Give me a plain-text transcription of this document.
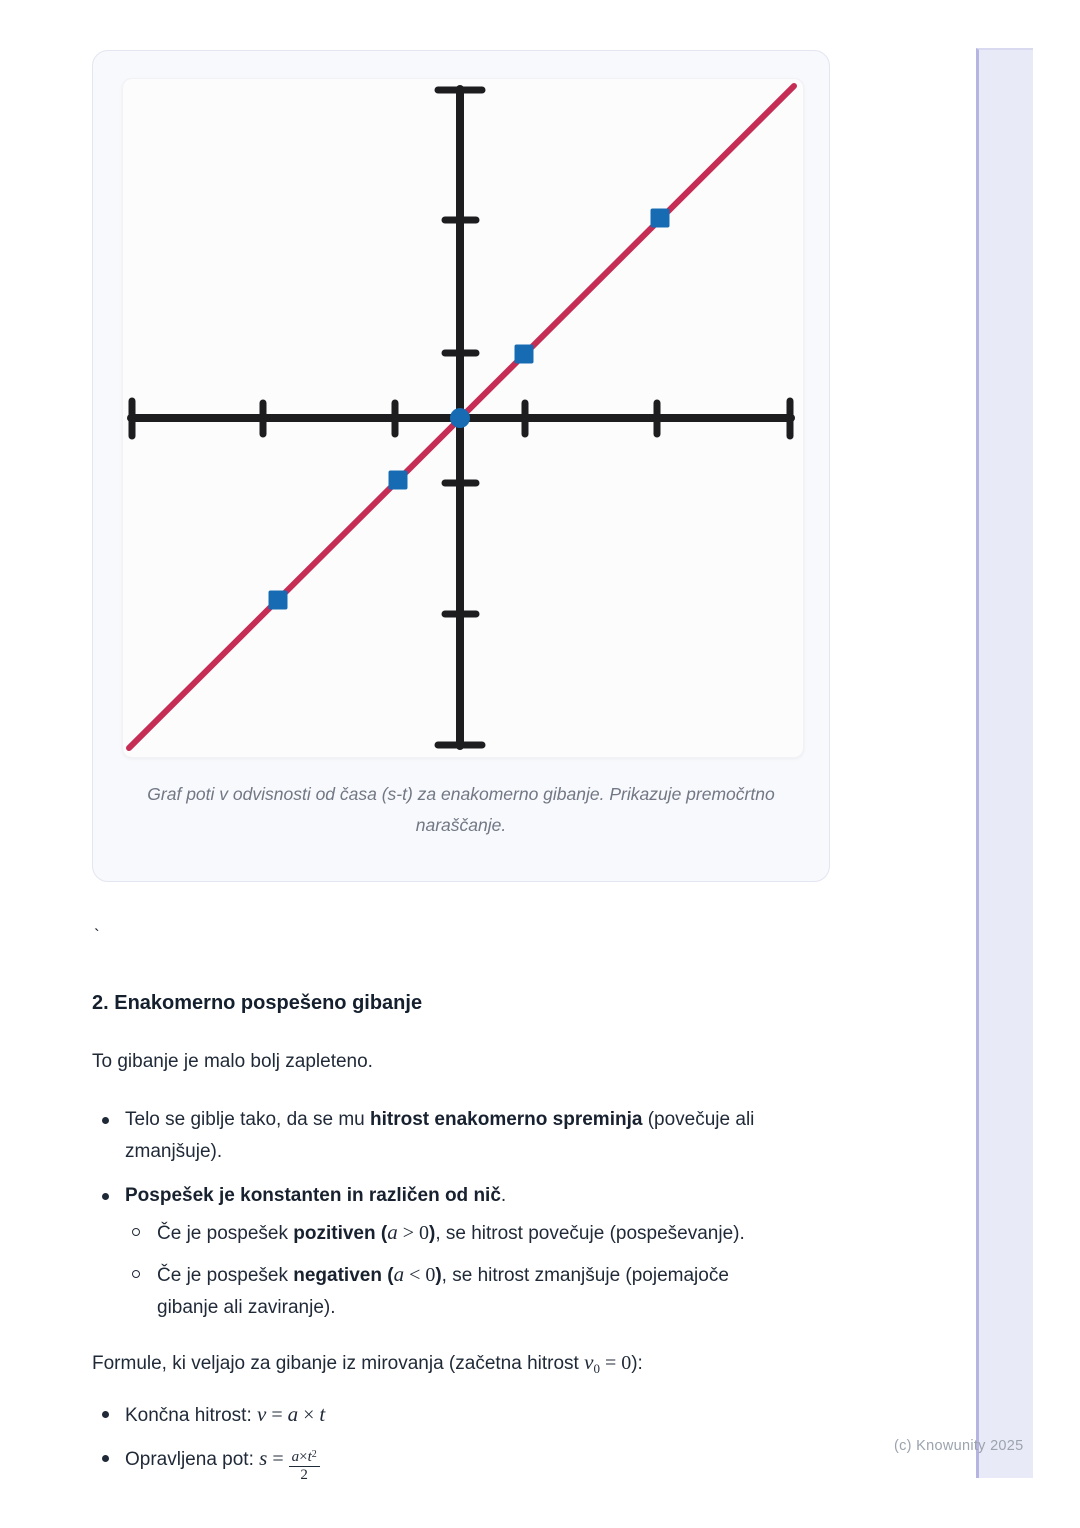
(c) Knowunity 2025
Graf poti v odvisnosti od časa (s-t) za enakomerno gibanje. Prikazuje premočrtno naraščanje.
`
2. Enakomerno pospešeno gibanje

To gibanje je malo bolj zapleteno.

Telo se giblje tako, da se mu hitrost enakomerno spreminja (povečuje ali zmanjšuje).
Pospešek je konstanten in različen od nič.
Če je pospešek pozitiven (a > 0), se hitrost povečuje (pospeševanje).
Če je pospešek negativen (a < 0), se hitrost zmanjšuje (pojemajoče gibanje ali zaviranje).

Formule, ki veljajo za gibanje iz mirovanja (začetna hitrost $v_0 = 0$):

Končna hitrost: v = a × t
Opravljena pot: $s = \frac{a\times t^2}{2}$
